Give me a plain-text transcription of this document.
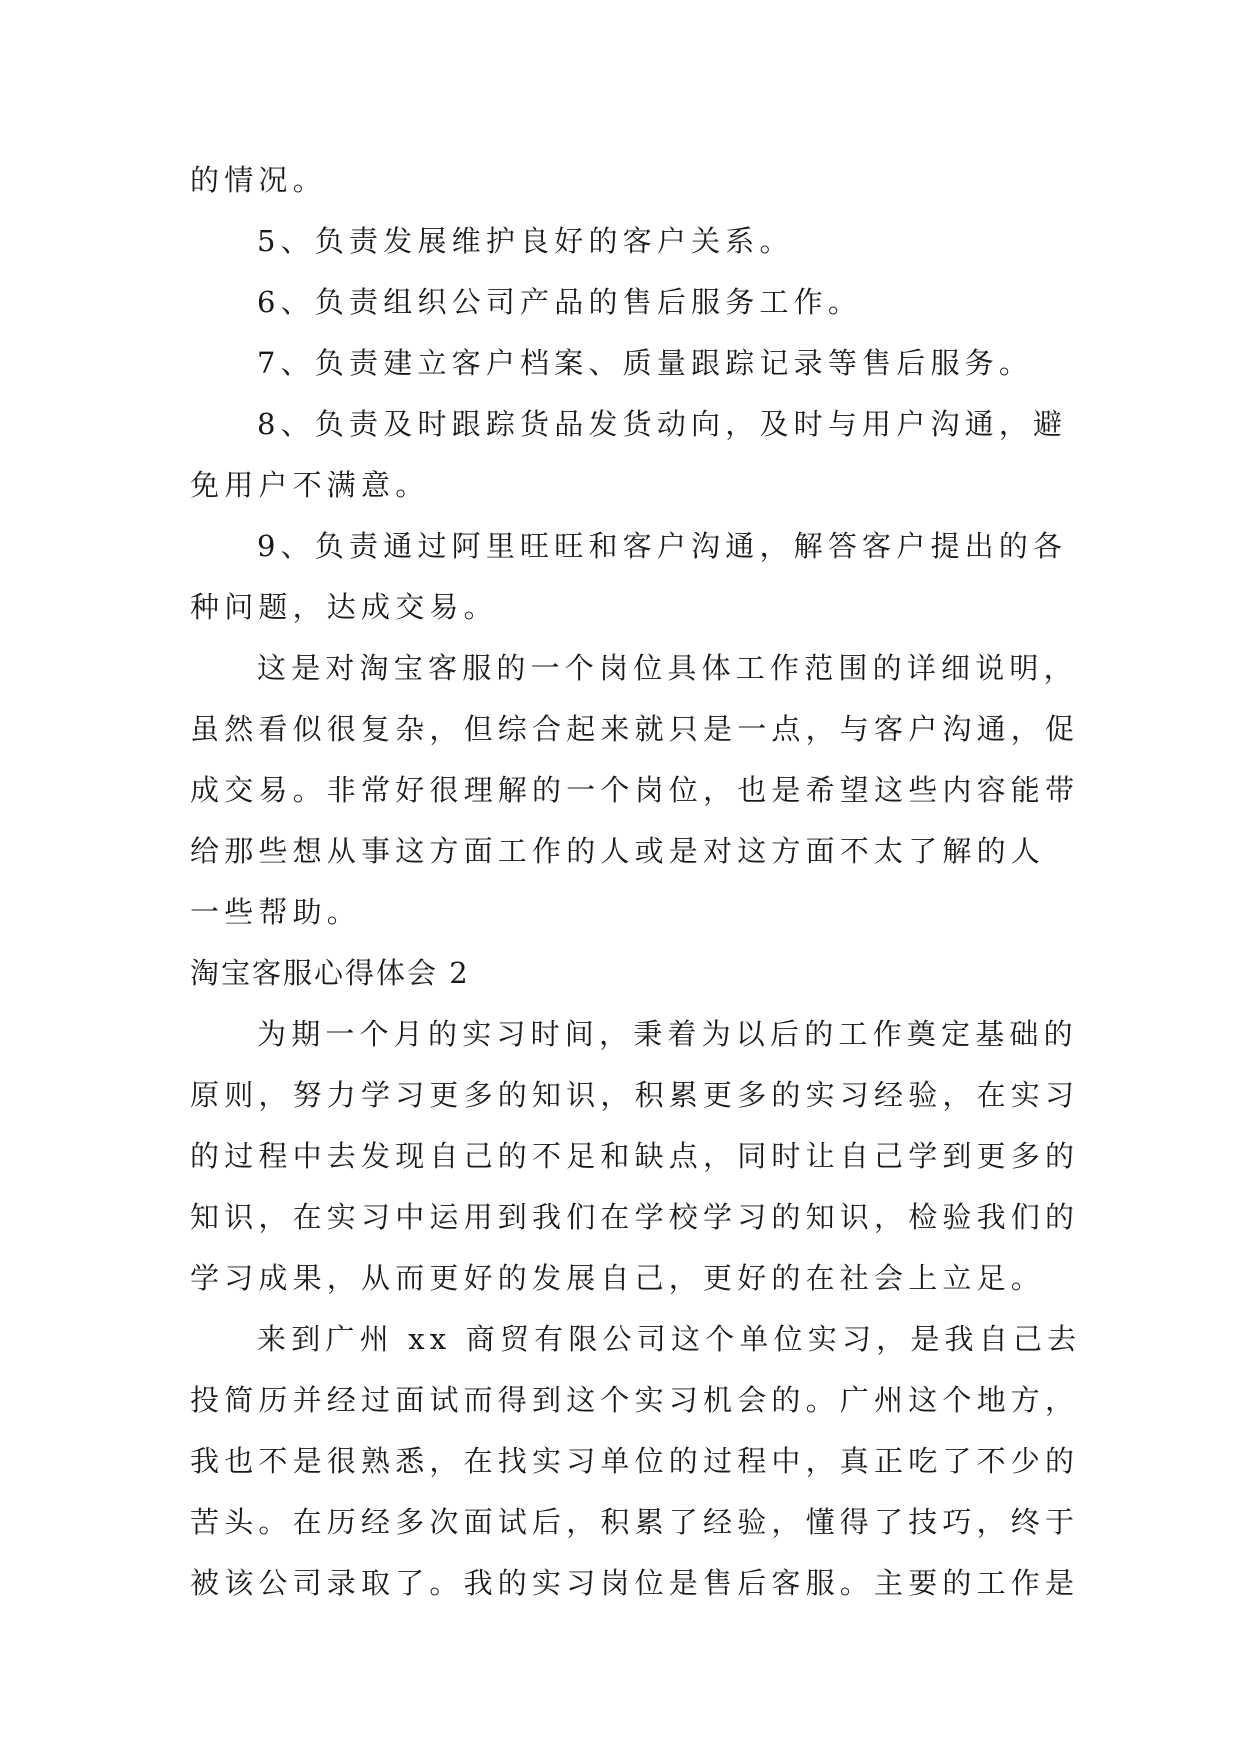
的情况。
5、负责发展维护良好的客户关系。
6、负责组织公司产品的售后服务工作。
7、负责建立客户档案、质量跟踪记录等售后服务。
8、负责及时跟踪货品发货动向，及时与用户沟通，避
免用户不满意。
9、负责通过阿里旺旺和客户沟通，解答客户提出的各
种问题，达成交易。
这是对淘宝客服的一个岗位具体工作范围的详细说明，
虽然看似很复杂，但综合起来就只是一点，与客户沟通，促
成交易。非常好很理解的一个岗位，也是希望这些内容能带
给那些想从事这方面工作的人或是对这方面不太了解的人
一些帮助。
淘宝客服心得体会 2
为期一个月的实习时间，秉着为以后的工作奠定基础的
原则，努力学习更多的知识，积累更多的实习经验，在实习
的过程中去发现自己的不足和缺点，同时让自己学到更多的
知识，在实习中运用到我们在学校学习的知识，检验我们的
学习成果，从而更好的发展自己，更好的在社会上立足。
来到广州 xx 商贸有限公司这个单位实习，是我自己去
投简历并经过面试而得到这个实习机会的。广州这个地方，
我也不是很熟悉，在找实习单位的过程中，真正吃了不少的
苦头。在历经多次面试后，积累了经验，懂得了技巧，终于
被该公司录取了。我的实习岗位是售后客服。主要的工作是
